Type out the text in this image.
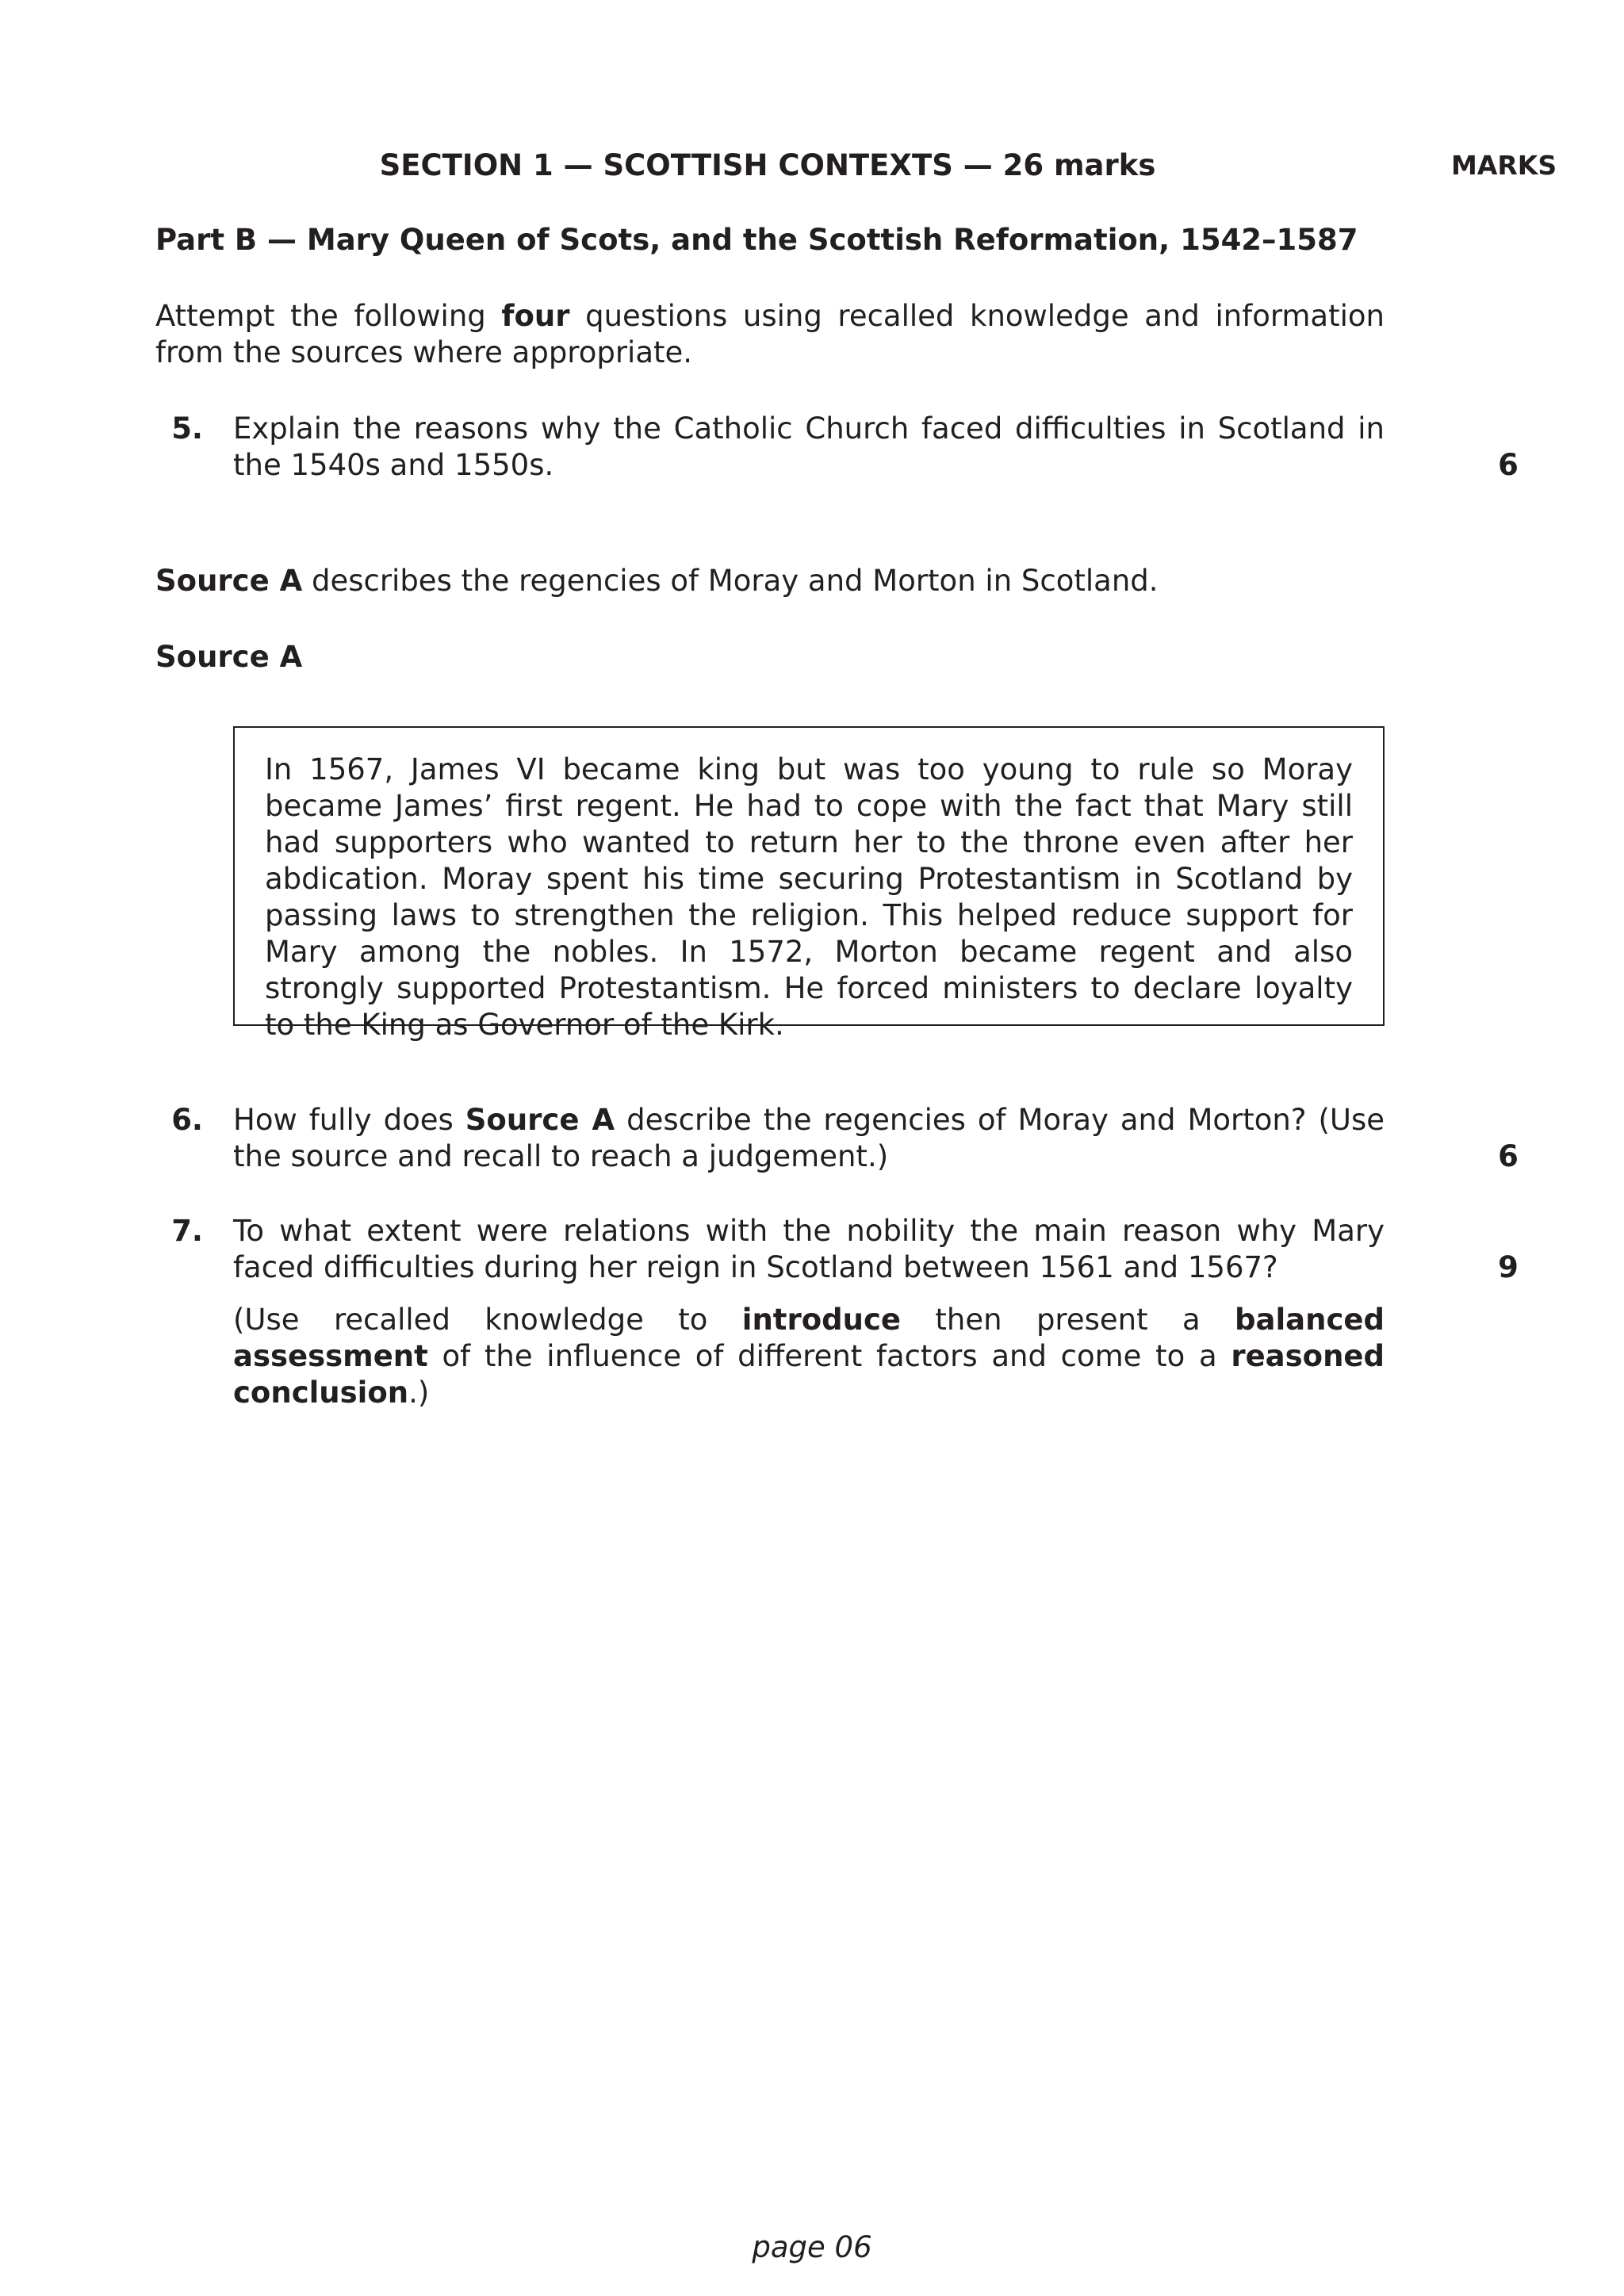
SECTION 1 — SCOTTISH CONTEXTS — 26 marks	MARKS
Part B — Mary Queen of Scots, and the Scottish Reformation, 1542–1587
Attempt the following four questions using recalled knowledge and information from the sources where appropriate.
5. Explain the reasons why the Catholic Church faced difficulties in Scotland in the 1540s and 1550s.	6
Source A describes the regencies of Moray and Morton in Scotland.
Source A
In 1567, James VI became king but was too young to rule so Moray became James’ first regent. He had to cope with the fact that Mary still had supporters who wanted to return her to the throne even after her abdication. Moray spent his time securing Protestantism in Scotland by passing laws to strengthen the religion. This helped reduce support for Mary among the nobles. In 1572, Morton became regent and also strongly supported Protestantism. He forced ministers to declare loyalty to the King as Governor of the Kirk.
6. How fully does Source A describe the regencies of Moray and Morton? (Use the source and recall to reach a judgement.)	6
7. To what extent were relations with the nobility the main reason why Mary faced difficulties during her reign in Scotland between 1561 and 1567?	9
(Use recalled knowledge to introduce then present a balanced assessment of the influence of different factors and come to a reasoned conclusion.)
page 06
